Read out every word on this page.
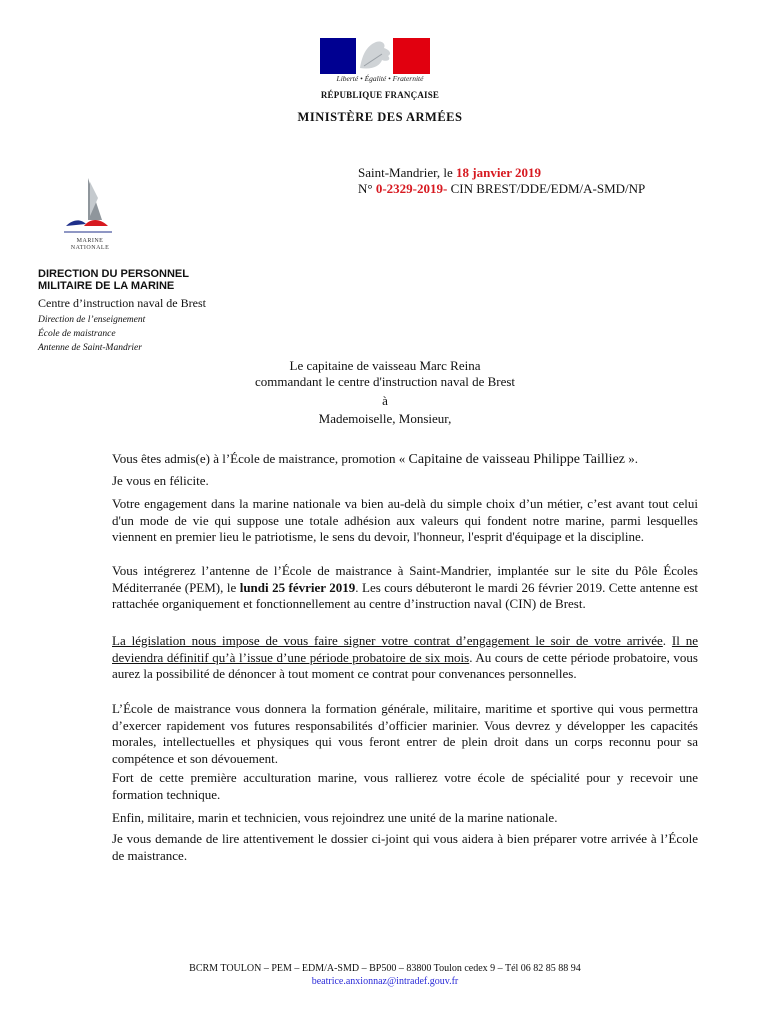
Liberté • Égalité • Fraternité
RÉPUBLIQUE FRANÇAISE
MINISTÈRE DES ARMÉES
Saint-Mandrier, le 18 janvier 2019
N° 0-2329-2019- CIN BREST/DDE/EDM/A-SMD/NP
MARINE
NATIONALE
DIRECTION DU PERSONNEL
MILITAIRE DE LA MARINE
Centre d’instruction naval de Brest
Direction de l’enseignement
École de maistrance
Antenne de Saint-Mandrier
Le capitaine de vaisseau Marc Reina
commandant le centre d'instruction naval de Brest
à
Mademoiselle, Monsieur,
Vous êtes admis(e) à l’École de maistrance, promotion « Capitaine de vaisseau Philippe Tailliez ».
Je vous en félicite.

Votre engagement dans la marine nationale va bien au-delà du simple choix d’un métier, c’est avant tout celui d'un mode de vie qui suppose une totale adhésion aux valeurs qui fondent notre marine, parmi lesquelles viennent en premier lieu le patriotisme, le sens du devoir, l'honneur, l'esprit d'équipage et la discipline.

Vous intégrerez l’antenne de l’École de maistrance à Saint-Mandrier, implantée sur le site du Pôle Écoles Méditerranée (PEM), le lundi 25 février 2019. Les cours débuteront le mardi 26 février 2019. Cette antenne est rattachée organiquement et fonctionnellement au centre d’instruction naval (CIN) de Brest.

La législation nous impose de vous faire signer votre contrat d’engagement le soir de votre arrivée. Il ne deviendra définitif qu’à l’issue d’une période probatoire de six mois. Au cours de cette période probatoire, vous aurez la possibilité de dénoncer à tout moment ce contrat pour convenances personnelles.

L’École de maistrance vous donnera la formation générale, militaire, maritime et sportive qui vous permettra d’exercer rapidement vos futures responsabilités d’officier marinier. Vous devrez y développer les capacités morales, intellectuelles et physiques qui vous feront entrer de plein droit dans un corps reconnu pour sa compétence et son dévouement.

Fort de cette première acculturation marine, vous rallierez votre école de spécialité pour y recevoir une formation technique.

Enfin, militaire, marin et technicien, vous rejoindrez une unité de la marine nationale.

Je vous demande de lire attentivement le dossier ci-joint qui vous aidera à bien préparer votre arrivée à l’École de maistrance.

BCRM TOULON – PEM – EDM/A-SMD – BP500 – 83800 Toulon cedex 9 – Tél 06 82 85 88 94
beatrice.anxionnaz@intradef.gouv.fr
